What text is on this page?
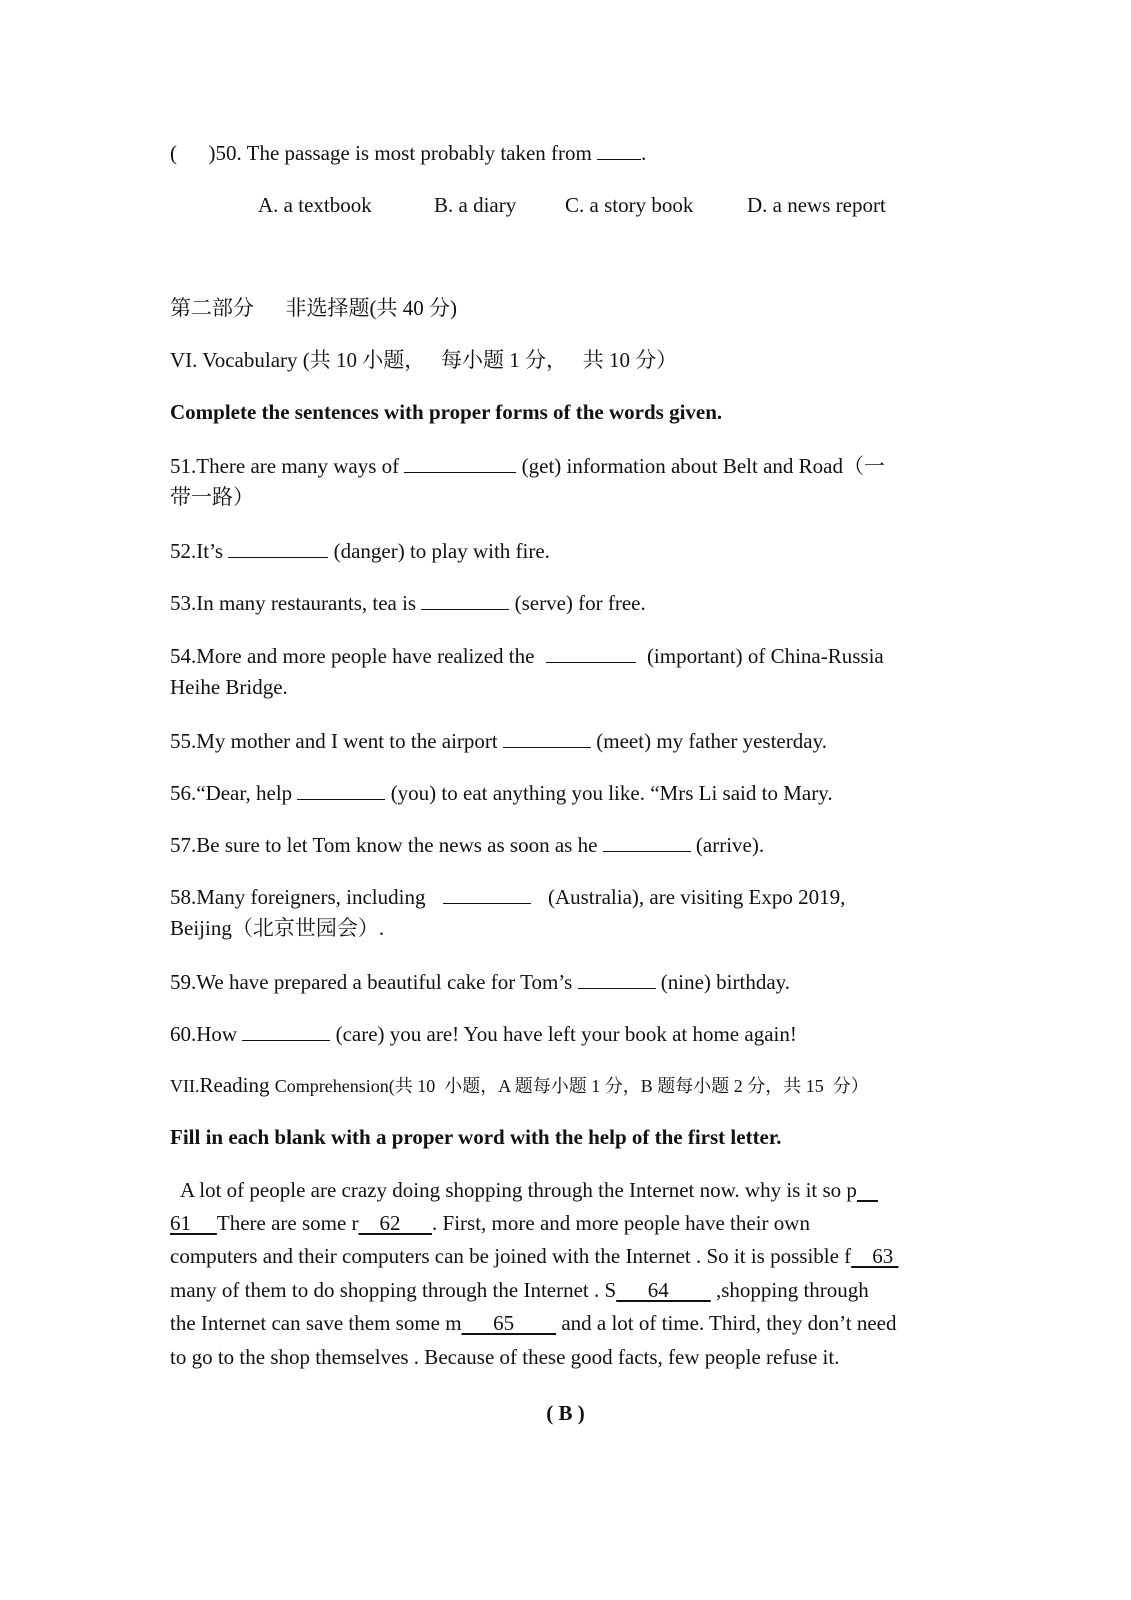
(      )50. The passage is most probably taken from .
A. a textbook	B. a diary C. a story book	D. a news report
第二部分      非选择题(共 40 分)
VI. Vocabulary (共 10 小题，   每小题 1 分，   共 10 分）
Complete the sentences with proper forms of the words given.
51.There are many ways of	(get) information about Belt and Road（一
带一路）
52.It’s	(danger) to play with fire.
53.In many restaurants, tea is	(serve) for free.
54.More and more people have realized the	(important) of China-Russia
Heihe Bridge.
55.My mother and I went to the airport	(meet) my father yesterday.
56.“Dear, help	(you) to eat anything you like. “Mrs Li said to Mary.
57.Be sure to let Tom know the news as soon as he	(arrive).
58.Many foreigners, including	(Australia), are visiting Expo 2019,
Beijing（北京世园会）.
59.We have prepared a beautiful cake for Tom’s	(nine) birthday.
60.How	(care) you are! You have left your book at home again!
VII.Reading Comprehension(共 10  小题，A 题每小题 1 分，B 题每小题 2 分，共 15  分）
Fill in each blank with a proper word with the help of the first letter.
A lot of people are crazy doing shopping through the Internet now. why is it so p
61     There are some r    62      . First, more and more people have their own
computers and their computers can be joined with the Internet . So it is possible f    63
many of them to do shopping through the Internet . S      64         ,shopping through
the Internet can save them some m      65         and a lot of time. Third, they don’t need
to go to the shop themselves . Because of these good facts, few people refuse it.
( B )
